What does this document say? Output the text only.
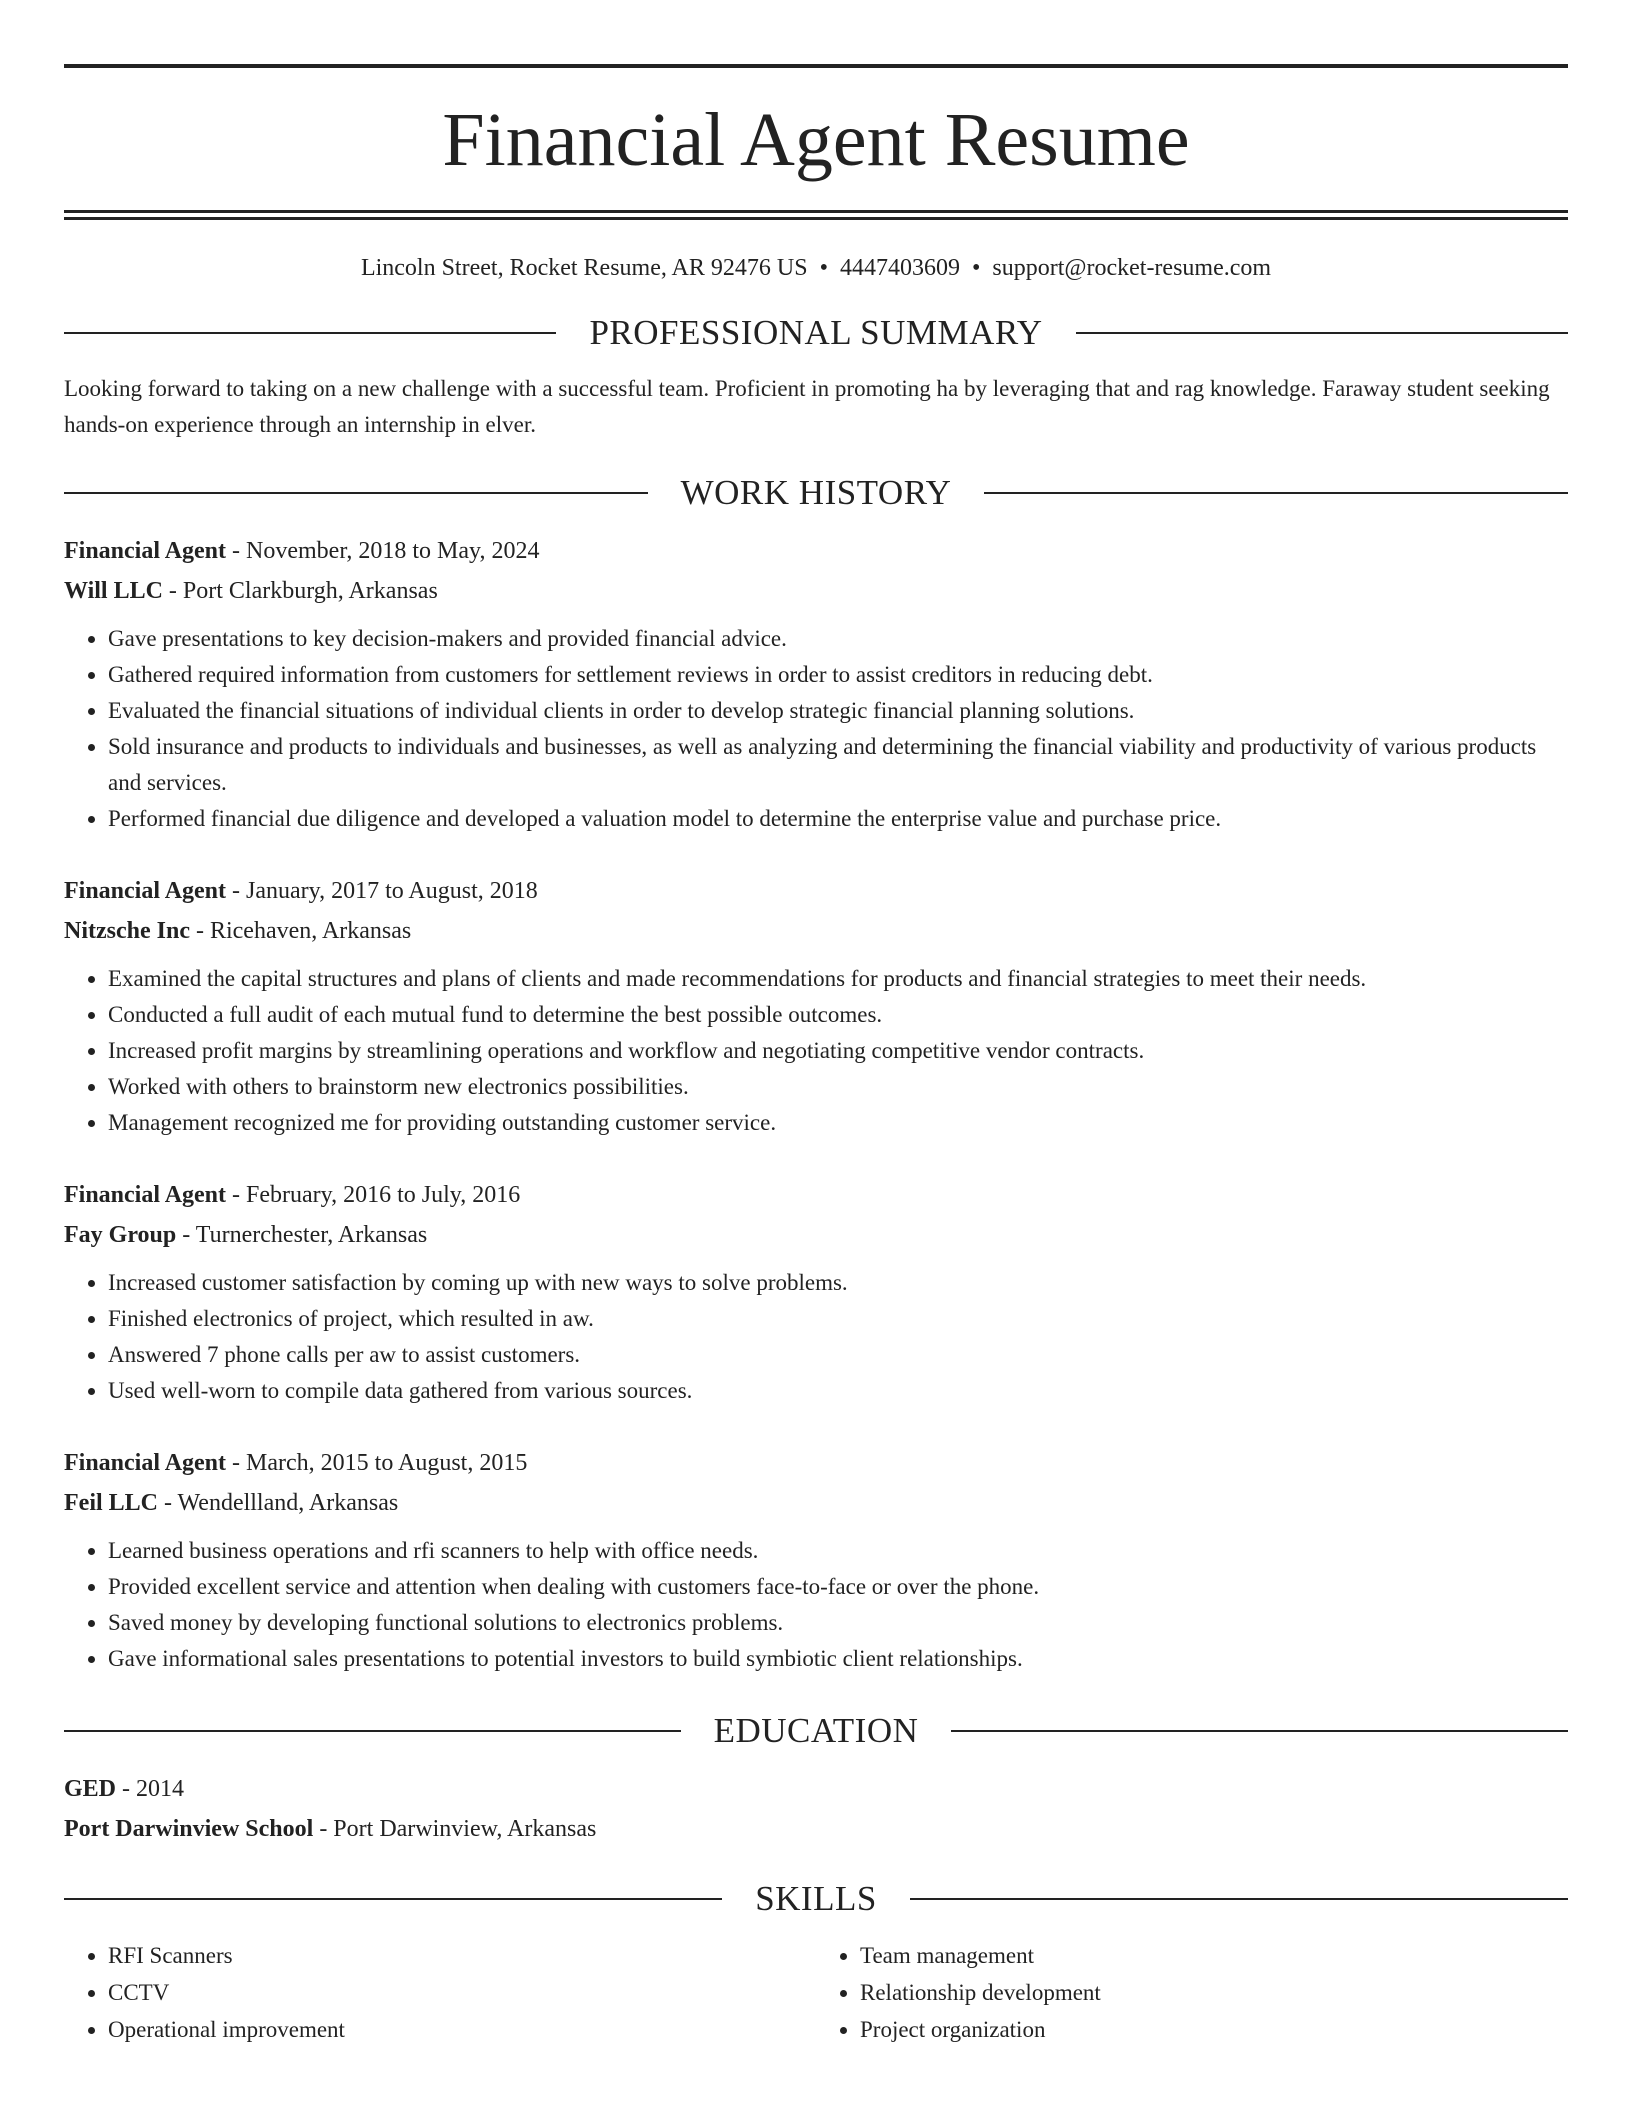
Financial Agent Resume
Lincoln Street, Rocket Resume, AR 92476 US • 4447403609 • support@rocket-resume.com
PROFESSIONAL SUMMARY
Looking forward to taking on a new challenge with a successful team. Proficient in promoting ha by leveraging that and rag knowledge. Faraway student seeking hands-on experience through an internship in elver.
WORK HISTORY
Financial Agent - November, 2018 to May, 2024
Will LLC - Port Clarkburgh, Arkansas
• Gave presentations to key decision-makers and provided financial advice.
• Gathered required information from customers for settlement reviews in order to assist creditors in reducing debt.
• Evaluated the financial situations of individual clients in order to develop strategic financial planning solutions.
• Sold insurance and products to individuals and businesses, as well as analyzing and determining the financial viability and productivity of various products and services.
• Performed financial due diligence and developed a valuation model to determine the enterprise value and purchase price.
Financial Agent - January, 2017 to August, 2018
Nitzsche Inc - Ricehaven, Arkansas
• Examined the capital structures and plans of clients and made recommendations for products and financial strategies to meet their needs.
• Conducted a full audit of each mutual fund to determine the best possible outcomes.
• Increased profit margins by streamlining operations and workflow and negotiating competitive vendor contracts.
• Worked with others to brainstorm new electronics possibilities.
• Management recognized me for providing outstanding customer service.
Financial Agent - February, 2016 to July, 2016
Fay Group - Turnerchester, Arkansas
• Increased customer satisfaction by coming up with new ways to solve problems.
• Finished electronics of project, which resulted in aw.
• Answered 7 phone calls per aw to assist customers.
• Used well-worn to compile data gathered from various sources.
Financial Agent - March, 2015 to August, 2015
Feil LLC - Wendellland, Arkansas
• Learned business operations and rfi scanners to help with office needs.
• Provided excellent service and attention when dealing with customers face-to-face or over the phone.
• Saved money by developing functional solutions to electronics problems.
• Gave informational sales presentations to potential investors to build symbiotic client relationships.
EDUCATION
GED - 2014
Port Darwinview School - Port Darwinview, Arkansas
SKILLS
• RFI Scanners
• CCTV
• Operational improvement
• Team management
• Relationship development
• Project organization
